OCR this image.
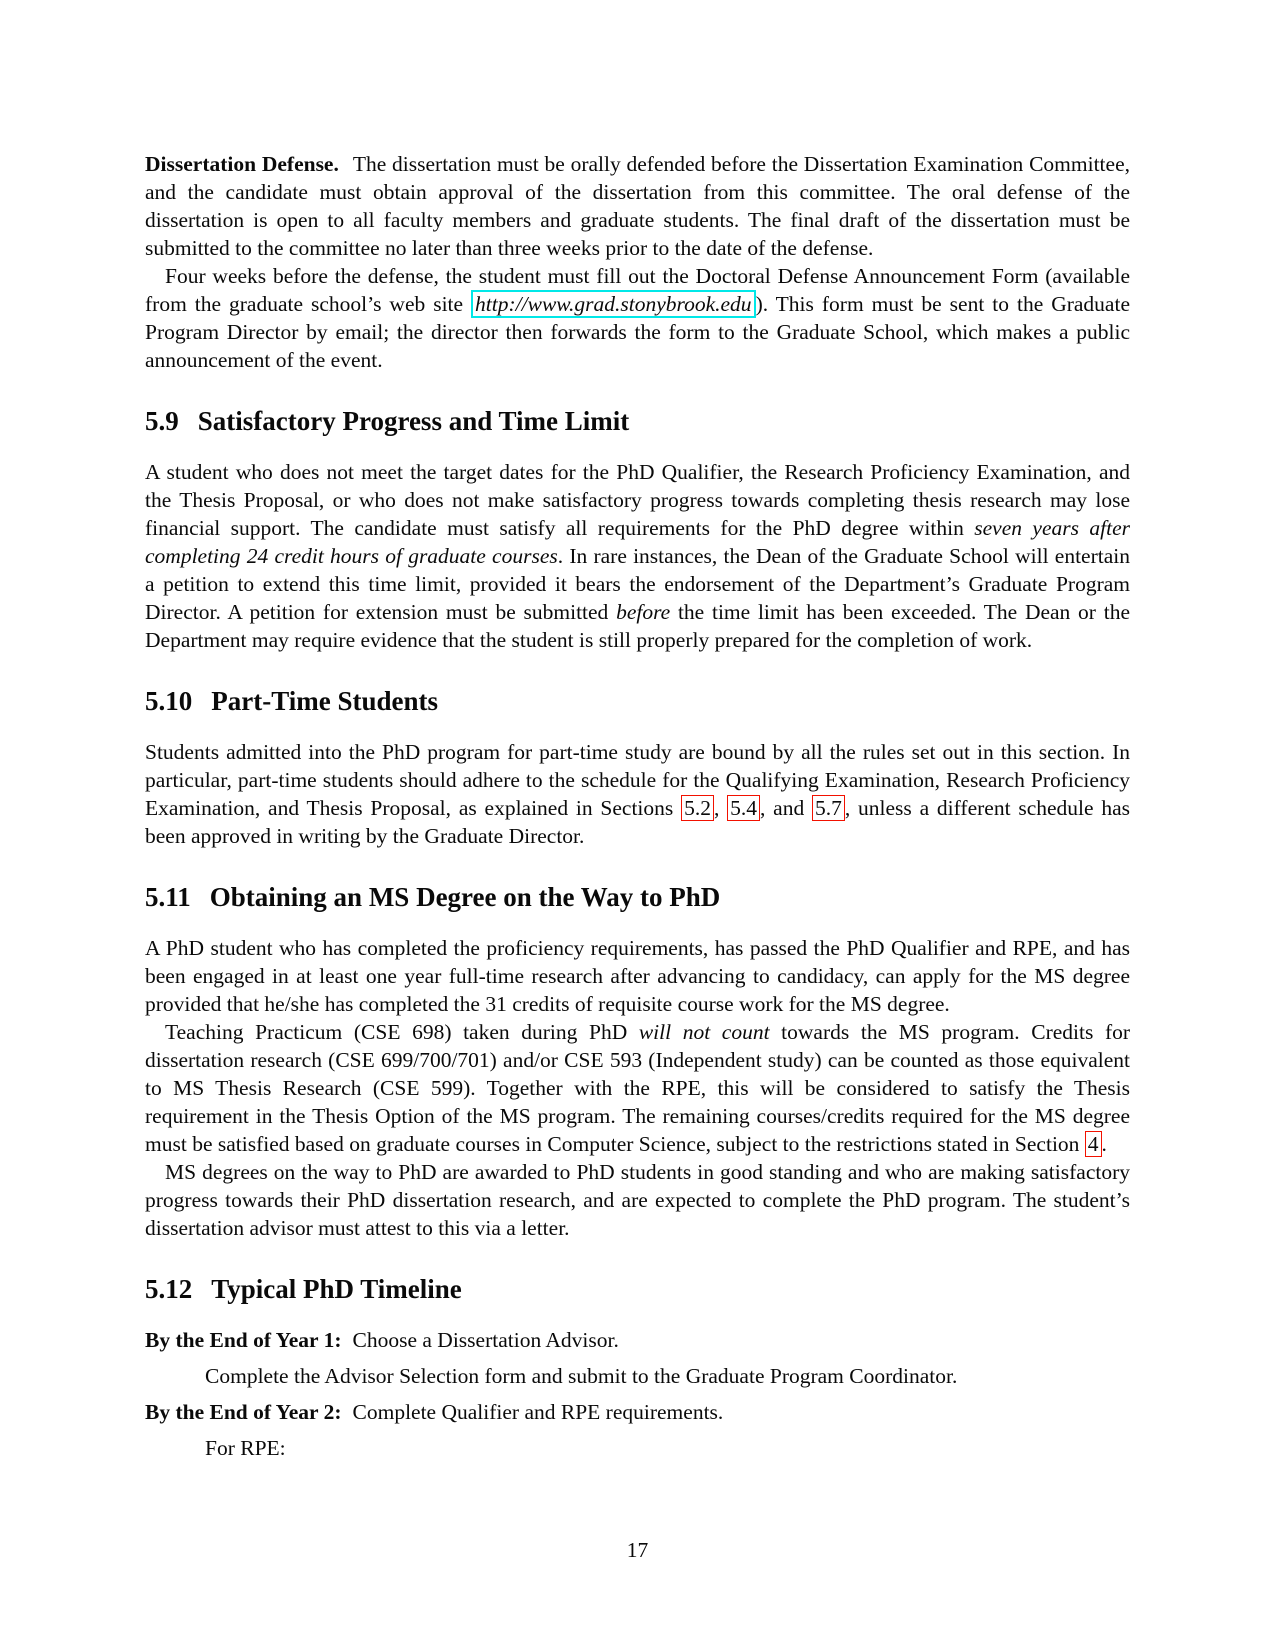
Dissertation Defense. The dissertation must be orally defended before the Dissertation Examination Committee, and the candidate must obtain approval of the dissertation from this committee. The oral defense of the dissertation is open to all faculty members and graduate students. The final draft of the dissertation must be submitted to the committee no later than three weeks prior to the date of the defense.

Four weeks before the defense, the student must fill out the Doctoral Defense Announcement Form (available from the graduate school’s web site http://www.grad.stonybrook.edu ). This form must be sent to the Graduate Program Director by email; the director then forwards the form to the Graduate School, which makes a public announcement of the event.

5.9 Satisfactory Progress and Time Limit

A student who does not meet the target dates for the PhD Qualifier, the Research Proficiency Examination, and the Thesis Proposal, or who does not make satisfactory progress towards completing thesis research may lose financial support. The candidate must satisfy all requirements for the PhD degree within seven years after completing 24 credit hours of graduate courses. In rare instances, the Dean of the Graduate School will entertain a petition to extend this time limit, provided it bears the endorsement of the Department’s Graduate Program Director. A petition for extension must be submitted before the time limit has been exceeded. The Dean or the Department may require evidence that the student is still properly prepared for the completion of work.

5.10 Part-Time Students

Students admitted into the PhD program for part-time study are bound by all the rules set out in this section. In particular, part-time students should adhere to the schedule for the Qualifying Examination, Research Proficiency Examination, and Thesis Proposal, as explained in Sections 5.2 , 5.4 , and 5.7 , unless a different schedule has been approved in writing by the Graduate Director.

5.11 Obtaining an MS Degree on the Way to PhD

A PhD student who has completed the proficiency requirements, has passed the PhD Qualifier and RPE, and has been engaged in at least one year full-time research after advancing to candidacy, can apply for the MS degree provided that he/she has completed the 31 credits of requisite course work for the MS degree.

Teaching Practicum (CSE 698) taken during PhD will not count towards the MS program. Credits for dissertation research (CSE 699/700/701) and/or CSE 593 (Independent study) can be counted as those equivalent to MS Thesis Research (CSE 599). Together with the RPE, this will be considered to satisfy the Thesis requirement in the Thesis Option of the MS program. The remaining courses/credits required for the MS degree must be satisfied based on graduate courses in Computer Science, subject to the restrictions stated in Section 4 .

MS degrees on the way to PhD are awarded to PhD students in good standing and who are making satisfactory progress towards their PhD dissertation research, and are expected to complete the PhD program. The student’s dissertation advisor must attest to this via a letter.

5.12 Typical PhD Timeline

By the End of Year 1: Choose a Dissertation Advisor.

Complete the Advisor Selection form and submit to the Graduate Program Coordinator.

By the End of Year 2: Complete Qualifier and RPE requirements.

For RPE:

17
